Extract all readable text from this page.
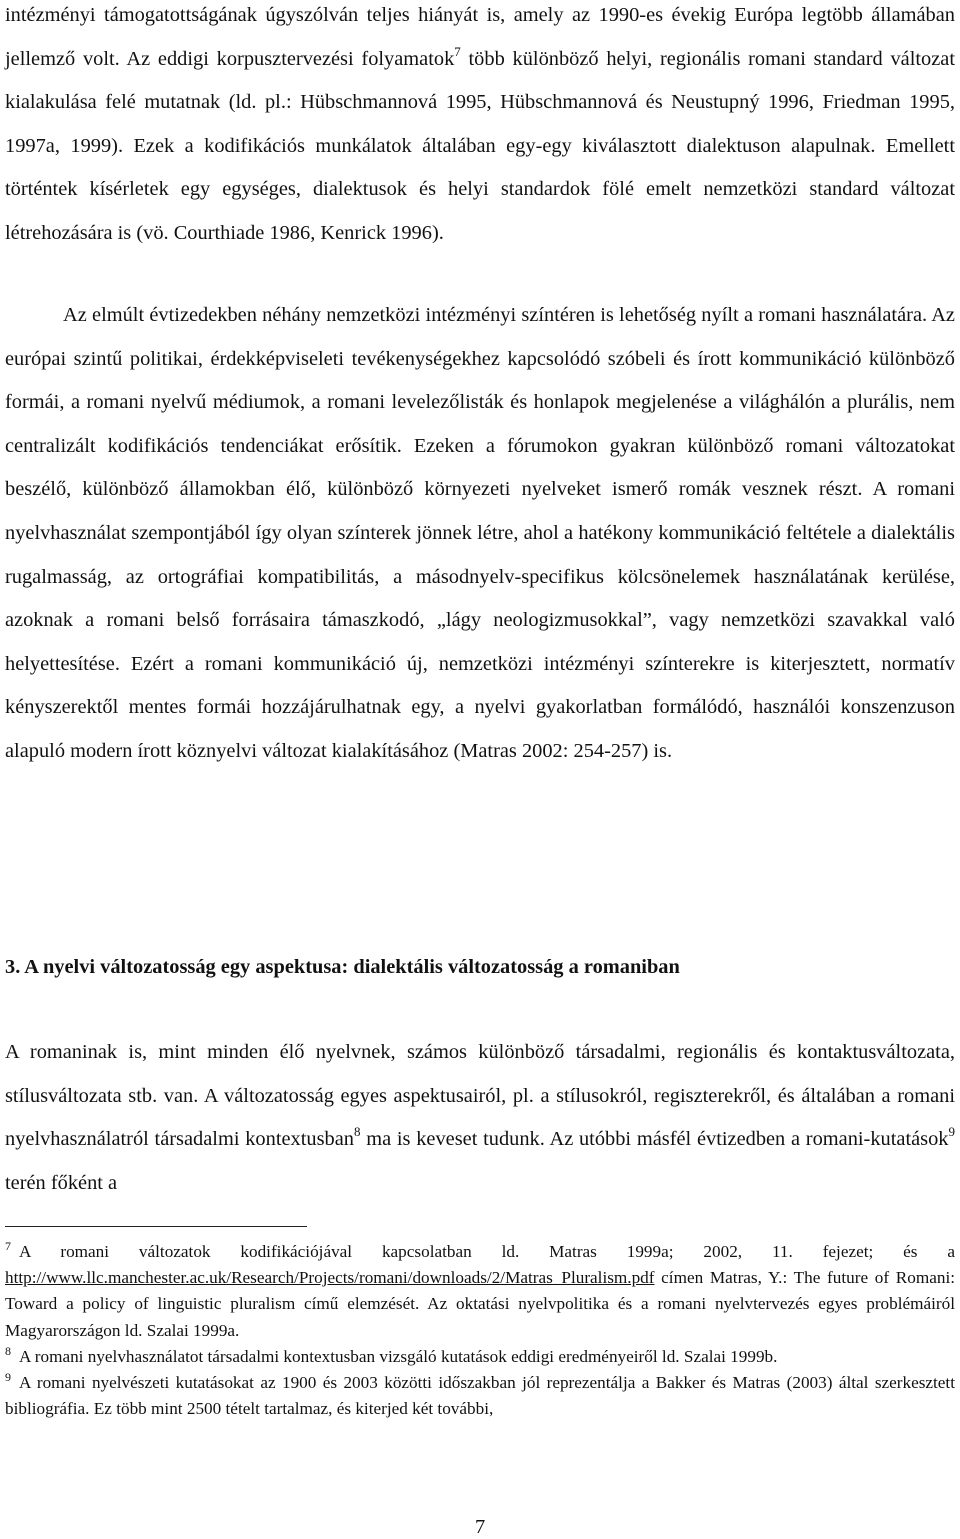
intézményi támogatottságának úgyszólván teljes hiányát is, amely az 1990-es évekig Európa legtöbb államában jellemző volt. Az eddigi korpusztervezési folyamatok$^7$ több különböző helyi, regionális romani standard változat kialakulása felé mutatnak (ld. pl.: Hübschmannová 1995, Hübschmannová és Neustupný 1996, Friedman 1995, 1997a, 1999). Ezek a kodifikációs munkálatok általában egy-egy kiválasztott dialektuson alapulnak. Emellett történtek kísérletek egy egységes, dialektusok és helyi standardok fölé emelt nemzetközi standard változat létrehozására is (vö. Courthiade 1986, Kenrick 1996).

Az elmúlt évtizedekben néhány nemzetközi intézményi színtéren is lehetőség nyílt a romani használatára. Az európai szintű politikai, érdekképviseleti tevékenységekhez kapcsolódó szóbeli és írott kommunikáció különböző formái, a romani nyelvű médiumok, a romani levelezőlisták és honlapok megjelenése a világhálón a plurális, nem centralizált kodifikációs tendenciákat erősítik. Ezeken a fórumokon gyakran különböző romani változatokat beszélő, különböző államokban élő, különböző környezeti nyelveket ismerő romák vesznek részt. A romani nyelvhasználat szempontjából így olyan színterek jönnek létre, ahol a hatékony kommunikáció feltétele a dialektális rugalmasság, az ortográfiai kompatibilitás, a másodnyelv-specifikus kölcsönelemek használatának kerülése, azoknak a romani belső forrásaira támaszkodó, „lágy neologizmusokkal”, vagy nemzetközi szavakkal való helyettesítése. Ezért a romani kommunikáció új, nemzetközi intézményi színterekre is kiterjesztett, normatív kényszerektől mentes formái hozzájárulhatnak egy, a nyelvi gyakorlatban formálódó, használói konszenzuson alapuló modern írott köznyelvi változat kialakításához (Matras 2002: 254-257) is.

3. A nyelvi változatosság egy aspektusa: dialektális változatosság a romaniban

A romaninak is, mint minden élő nyelvnek, számos különböző társadalmi, regionális és kontaktusváltozata, stílusváltozata stb. van. A változatosság egyes aspektusairól, pl. a stílusokról, regiszterekről, és általában a romani nyelvhasználatról társadalmi kontextusban$^8$ ma is keveset tudunk. Az utóbbi másfél évtizedben a romani-kutatások$^9$ terén főként a

$^7$ A romani változatok kodifikációjával kapcsolatban ld. Matras 1999a; 2002, 11. fejezet; és a http://www.llc.manchester.ac.uk/Research/Projects/romani/downloads/2/Matras_Pluralism.pdf címen Matras, Y.: The future of Romani: Toward a policy of linguistic pluralism című elemzését. Az oktatási nyelvpolitika és a romani nyelvtervezés egyes problémáiról Magyarországon ld. Szalai 1999a.

$^8$ A romani nyelvhasználatot társadalmi kontextusban vizsgáló kutatások eddigi eredményeiről ld. Szalai 1999b.

$^9$ A romani nyelvészeti kutatásokat az 1900 és 2003 közötti időszakban jól reprezentálja a Bakker és Matras (2003) által szerkesztett bibliográfia. Ez több mint 2500 tételt tartalmaz, és kiterjed két további,

7
